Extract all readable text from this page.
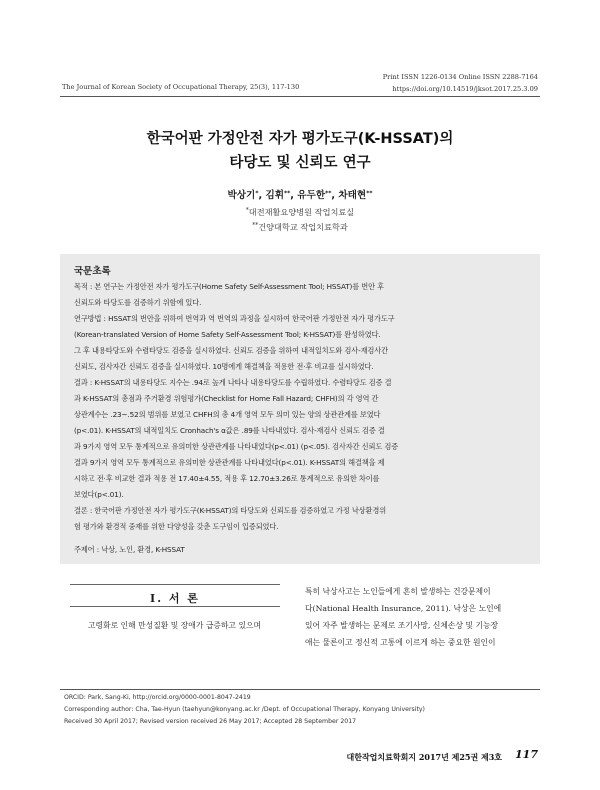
The Journal of Korean Society of Occupational Therapy, 25(3), 117-130
Print ISSN 1226-0134 Online ISSN 2288-7164
https://doi.org/10.14519/jksot.2017.25.3.09
한국어판 가정안전 자가 평가도구(K-HSSAT)의
타당도 및 신뢰도 연구
박상기*, 김휘**, 유두한**, 차태현**
*대전재활요양병원 작업치료실
**건양대학교 작업치료학과
국문초록
목적 : 본 연구는 가정안전 자가 평가도구(Home Safety Self-Assessment Tool; HSSAT)를 번안 후
신뢰도와 타당도를 검증하기 위함에 있다.
연구방법 : HSSAT의 번안을 위하여 번역과 역 번역의 과정을 실시하여 한국어판 가정안전 자가 평가도구
(Korean-translated Version of Home Safety Self-Assessment Tool; K-HSSAT)를 완성하였다.
그 후 내용타당도와 수렴타당도 검증을 실시하였다. 신뢰도 검증을 위하여 내적일치도와 검사-재검사간
신뢰도, 검사자간 신뢰도 검증을 실시하였다. 10명에게 해결책을 적용한 전·후 비교를 실시하였다.
결과 : K-HSSAT의 내용타당도 지수는 .94로 높게 나타나 내용타당도를 수립하였다. 수렴타당도 검증 결
과 K-HSSAT의 총점과 주거환경 위험평가(Checklist for Home Fall Hazard; CHFH)의 각 영역 간
상관계수는 .23~.52의 범위를 보였고 CHFH의 총 4개 영역 모두 의미 있는 양의 상관관계를 보였다
(p<.01). K-HSSAT의 내적일치도 Cronhach's α값은 .89를 나타내었다. 검사-재검사 신뢰도 검증 결
과 9가지 영역 모두 통계적으로 유의미한 상관관계를 나타내었다(p<.01) (p<.05). 검사자간 신뢰도 검증
결과 9가지 영역 모두 통계적으로 유의미한 상관관계를 나타내었다(p<.01). K-HSSAT의 해결책을 제
시하고 전·후 비교한 결과 적용 전 17.40±4.55, 적용 후 12.70±3.26로 통계적으로 유의한 차이를
보였다(p<.01).
결론 : 한국어판 가정안전 자가 평가도구(K-HSSAT)의 타당도와 신뢰도를 검증하였고 가정 낙상환경위
험 평가와 환경적 중재를 위한 다양성을 갖춘 도구임이 입증되었다.
주제어 : 낙상, 노인, 환경, K-HSSAT
Ⅰ. 서 론
고령화로 인해 만성질환 및 장애가 급증하고 있으며
특히 낙상사고는 노인들에게 흔히 발생하는 건강문제이
다(National Health Insurance, 2011). 낙상은 노인에
있어 자주 발생하는 문제로 조기사망, 신체손상 및 기능장
애는 물론이고 정신적 고통에 이르게 하는 중요한 원인이
ORCID: Park, Sang-Ki, http://orcid.org/0000-0001-8047-2419
Corresponding author: Cha, Tae-Hyun (taehyun@konyang.ac.kr /Dept. of Occupational Therapy, Konyang University)
Received 30 April 2017; Revised version received 26 May 2017; Accepted 28 September 2017
대한작업치료학회지 2017년 제25권 제3호 117
